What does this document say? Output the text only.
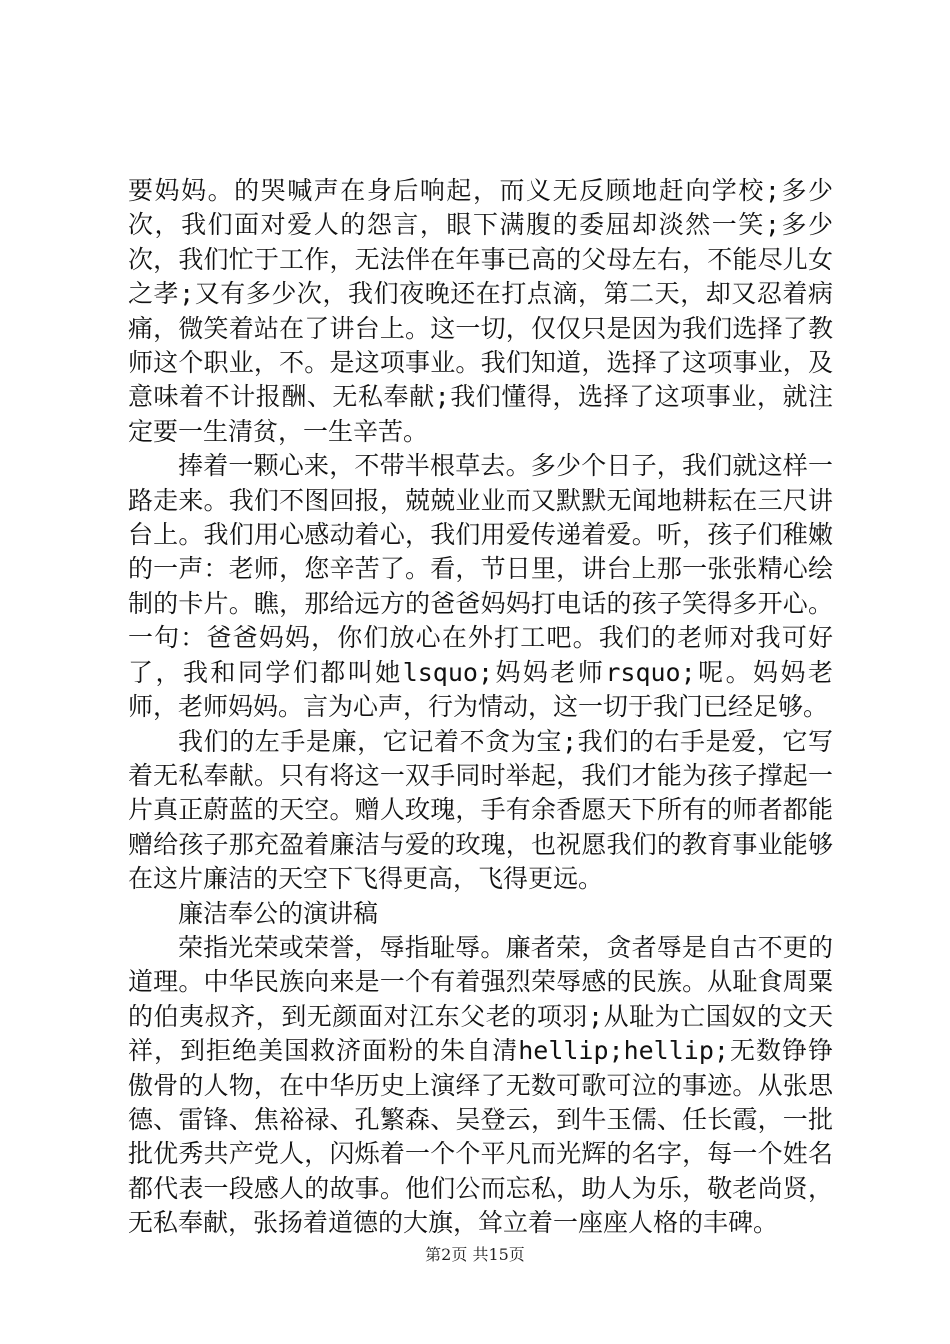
要妈妈。的哭喊声在身后响起，而义无反顾地赶向学校;多少次，我们面对爱人的怨言，眼下满腹的委屈却淡然一笑;多少次，我们忙于工作，无法伴在年事已高的父母左右，不能尽儿女之孝;又有多少次，我们夜晚还在打点滴，第二天，却又忍着病痛，微笑着站在了讲台上。这一切，仅仅只是因为我们选择了教师这个职业，不。是这项事业。我们知道，选择了这项事业，及意味着不计报酬、无私奉献;我们懂得，选择了这项事业，就注定要一生清贫，一生辛苦。

捧着一颗心来，不带半根草去。多少个日子，我们就这样一路走来。我们不图回报，兢兢业业而又默默无闻地耕耘在三尺讲台上。我们用心感动着心，我们用爱传递着爱。听，孩子们稚嫩的一声：老师，您辛苦了。看，节日里，讲台上那一张张精心绘制的卡片。瞧，那给远方的爸爸妈妈打电话的孩子笑得多开心。一句：爸爸妈妈，你们放心在外打工吧。我们的老师对我可好了，我和同学们都叫她lsquo;妈妈老师rsquo;呢。妈妈老师，老师妈妈。言为心声，行为情动，这一切于我门已经足够。

我们的左手是廉，它记着不贪为宝;我们的右手是爱，它写着无私奉献。只有将这一双手同时举起，我们才能为孩子撑起一片真正蔚蓝的天空。赠人玫瑰，手有余香愿天下所有的师者都能赠给孩子那充盈着廉洁与爱的玫瑰，也祝愿我们的教育事业能够在这片廉洁的天空下飞得更高，飞得更远。

廉洁奉公的演讲稿

荣指光荣或荣誉，辱指耻辱。廉者荣，贪者辱是自古不更的道理。中华民族向来是一个有着强烈荣辱感的民族。从耻食周粟的伯夷叔齐，到无颜面对江东父老的项羽;从耻为亡国奴的文天祥，到拒绝美国救济面粉的朱自清hellip;hellip;无数铮铮傲骨的人物，在中华历史上演绎了无数可歌可泣的事迹。从张思德、雷锋、焦裕禄、孔繁森、吴登云，到牛玉儒、任长霞，一批批优秀共产党人，闪烁着一个个平凡而光辉的名字，每一个姓名都代表一段感人的故事。他们公而忘私，助人为乐，敬老尚贤，无私奉献，张扬着道德的大旗，耸立着一座座人格的丰碑。

第2页 共15页
